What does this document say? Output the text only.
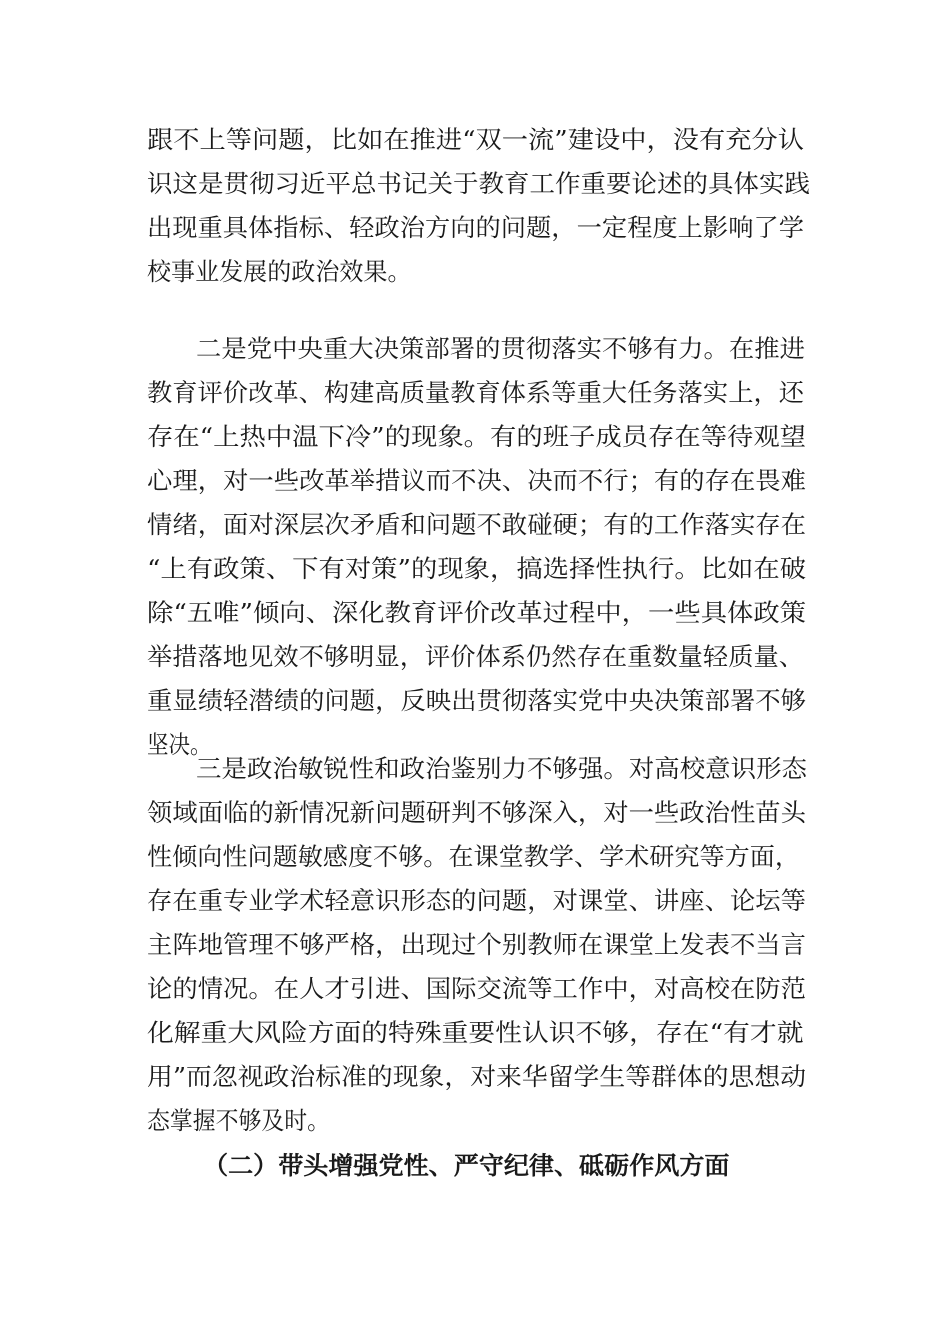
跟不上等问题，比如在推进“双一流”建设中，没有充分认
识这是贯彻习近平总书记关于教育工作重要论述的具体实践
出现重具体指标、轻政治方向的问题，一定程度上影响了学
校事业发展的政治效果。
二是党中央重大决策部署的贯彻落实不够有力。在推进
教育评价改革、构建高质量教育体系等重大任务落实上，还
存在“上热中温下冷”的现象。有的班子成员存在等待观望
心理，对一些改革举措议而不决、决而不行；有的存在畏难
情绪，面对深层次矛盾和问题不敢碰硬；有的工作落实存在
“上有政策、下有对策”的现象，搞选择性执行。比如在破
除“五唯”倾向、深化教育评价改革过程中，一些具体政策
举措落地见效不够明显，评价体系仍然存在重数量轻质量、
重显绩轻潜绩的问题，反映出贯彻落实党中央决策部署不够
坚决。
三是政治敏锐性和政治鉴别力不够强。对高校意识形态
领域面临的新情况新问题研判不够深入，对一些政治性苗头
性倾向性问题敏感度不够。在课堂教学、学术研究等方面，
存在重专业学术轻意识形态的问题，对课堂、讲座、论坛等
主阵地管理不够严格，出现过个别教师在课堂上发表不当言
论的情况。在人才引进、国际交流等工作中，对高校在防范
化解重大风险方面的特殊重要性认识不够，存在“有才就
用”而忽视政治标准的现象，对来华留学生等群体的思想动
态掌握不够及时。
（二）带头增强党性、严守纪律、砥砺作风方面
